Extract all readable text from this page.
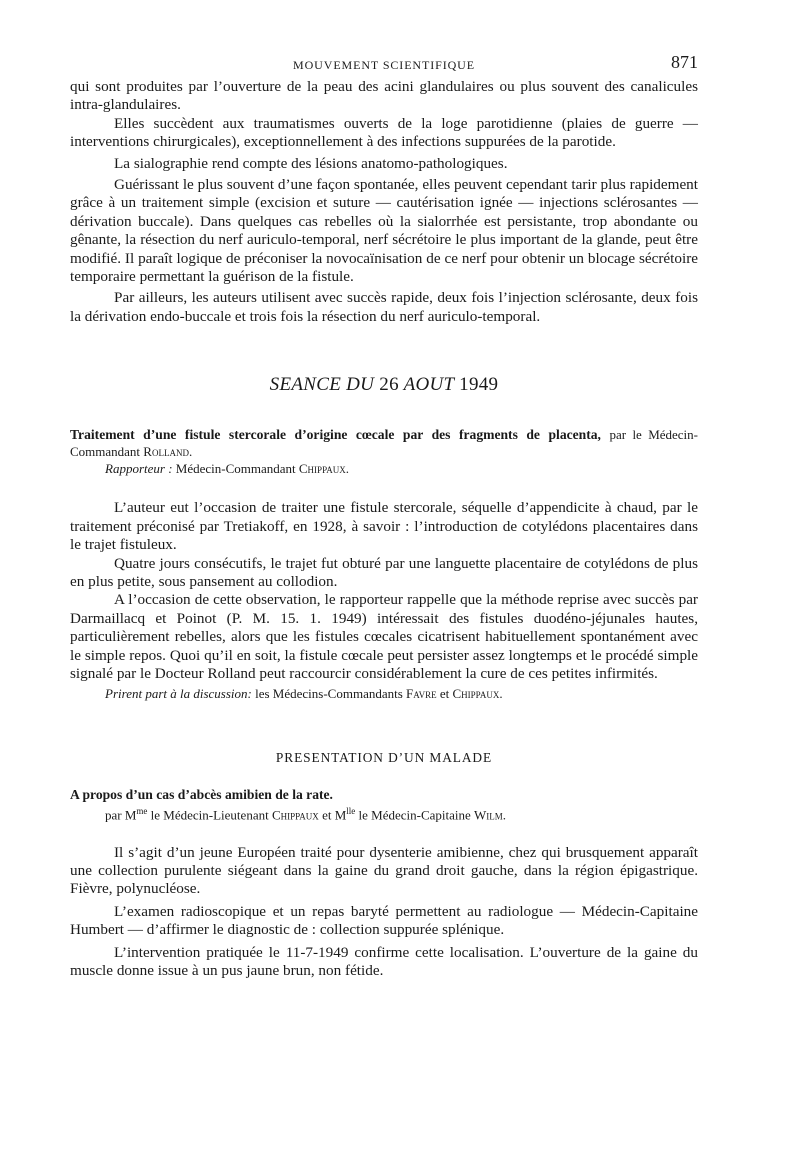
MOUVEMENT SCIENTIFIQUE	871

qui sont produites par l’ouverture de la peau des acini glandulaires ou plus souvent des canalicules intra-glandulaires.

Elles succèdent aux traumatismes ouverts de la loge parotidienne (plaies de guerre — interventions chirurgicales), exceptionnellement à des infections suppurées de la parotide.

La sialographie rend compte des lésions anatomo-pathologiques.

Guérissant le plus souvent d’une façon spontanée, elles peuvent cependant tarir plus rapidement grâce à un traitement simple (excision et suture — cautérisation ignée — injections sclérosantes — dérivation buccale). Dans quelques cas rebelles où la sialorrhée est persistante, trop abondante ou gênante, la résection du nerf auriculo-temporal, nerf sécrétoire le plus important de la glande, peut être modifié. Il paraît logique de préconiser la novocaïnisation de ce nerf pour obtenir un blocage sécrétoire temporaire permettant la guérison de la fistule.

Par ailleurs, les auteurs utilisent avec succès rapide, deux fois l’injection sclérosante, deux fois la dérivation endo-buccale et trois fois la résection du nerf auriculo-temporal.

SEANCE DU 26 AOUT 1949
Traitement d’une fistule stercorale d’origine cœcale par des fragments de placenta, par le Médecin-Commandant Rolland.
Rapporteur : Médecin-Commandant Chippaux.

L’auteur eut l’occasion de traiter une fistule stercorale, séquelle d’appendicite à chaud, par le traitement préconisé par Tretiakoff, en 1928, à savoir : l’introduction de cotylédons placentaires dans le trajet fistuleux.

Quatre jours consécutifs, le trajet fut obturé par une languette placentaire de cotylédons de plus en plus petite, sous pansement au collodion.

A l’occasion de cette observation, le rapporteur rappelle que la méthode reprise avec succès par Darmaillacq et Poinot (P. M. 15. 1. 1949) intéressait des fistules duodéno-jéjunales hautes, particulièrement rebelles, alors que les fistules cœcales cicatrisent habituellement spontanément avec le simple repos. Quoi qu’il en soit, la fistule cœcale peut persister assez longtemps et le procédé simple signalé par le Docteur Rolland peut raccourcir considérablement la cure de ces petites infirmités.

Prirent part à la discussion: les Médecins-Commandants Favre et Chippaux.
PRESENTATION D’UN MALADE
A propos d’un cas d’abcès amibien de la rate.
par $M^{me}$ le Médecin-Lieutenant Chippaux et $M^{lle}$ le Médecin-Capitaine Wilm.

Il s’agit d’un jeune Européen traité pour dysenterie amibienne, chez qui brusquement apparaît une collection purulente siégeant dans la gaine du grand droit gauche, dans la région épigastrique. Fièvre, polynucléose.

L’examen radioscopique et un repas baryté permettent au radiologue — Médecin-Capitaine Humbert — d’affirmer le diagnostic de : collection suppurée splénique.

L’intervention pratiquée le 11-7-1949 confirme cette localisation. L’ouverture de la gaine du muscle donne issue à un pus jaune brun, non fétide.
